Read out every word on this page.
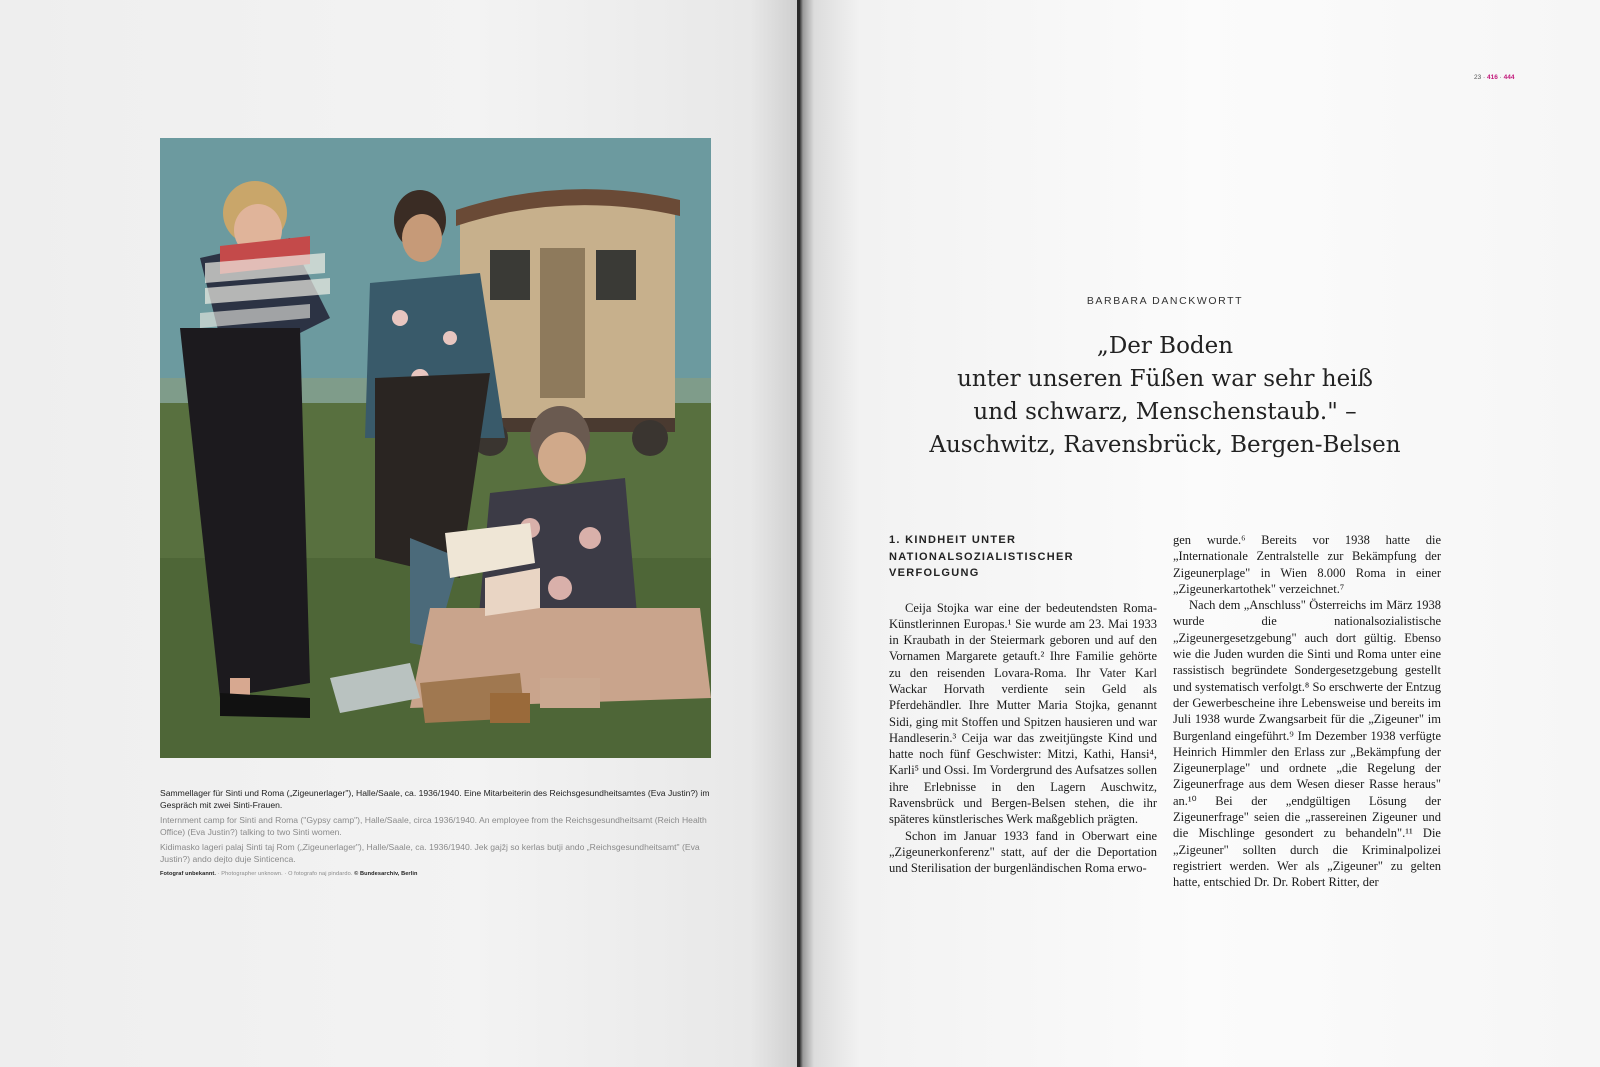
Sammellager für Sinti und Roma („Zigeunerlager"), Halle/Saale, ca. 1936/1940. Eine Mitarbeiterin des Reichsgesundheitsamtes (Eva Justin?) im Gespräch mit zwei Sinti-Frauen.

Internment camp for Sinti and Roma ("Gypsy camp"), Halle/Saale, circa 1936/1940. An employee from the Reichsgesundheitsamt (Reich Health Office) (Eva Justin?) talking to two Sinti women.

Kidimasko lageri palaj Sinti taj Rom („Zigeunerlager"), Halle/Saale, ca. 1936/1940. Jek gajžj so kerlas butji ando „Reichsgesundheitsamt" (Eva Justin?) ando dejto duje Sinticenca.

Fotograf unbekannt. · Photographer unknown. · O fotografo naj pindardo. © Bundesarchiv, Berlin

23 · 416 · 444
BARBARA DANCKWORTT
„Der Boden
unter unseren Füßen war sehr heiß
und schwarz, Menschenstaub." –
Auschwitz, Ravensbrück, Bergen-Belsen
1. KINDHEIT UNTER NATIONALSOZIALISTISCHER VERFOLGUNG

Ceija Stojka war eine der bedeutendsten Roma-Künstlerinnen Europas.¹ Sie wurde am 23. Mai 1933 in Kraubath in der Steiermark geboren und auf den Vornamen Margarete getauft.² Ihre Familie gehörte zu den reisenden Lovara-Roma. Ihr Vater Karl Wackar Horvath verdiente sein Geld als Pferdehändler. Ihre Mutter Maria Stojka, genannt Sidi, ging mit Stoffen und Spitzen hausieren und war Handleserin.³ Ceija war das zweitjüngste Kind und hatte noch fünf Geschwister: Mitzi, Kathi, Hansi⁴, Karli⁵ und Ossi. Im Vordergrund des Aufsatzes sollen ihre Erlebnisse in den Lagern Auschwitz, Ravensbrück und Bergen-Belsen stehen, die ihr späteres künstlerisches Werk maßgeblich prägten.

Schon im Januar 1933 fand in Oberwart eine „Zigeunerkonferenz" statt, auf der die Deportation und Sterilisation der burgenländischen Roma erwo-

gen wurde.⁶ Bereits vor 1938 hatte die „Internationale Zentralstelle zur Bekämpfung der Zigeunerplage" in Wien 8.000 Roma in einer „Zigeunerkartothek" verzeichnet.⁷

Nach dem „Anschluss" Österreichs im März 1938 wurde die nationalsozialistische „Zigeunergesetzgebung" auch dort gültig. Ebenso wie die Juden wurden die Sinti und Roma unter eine rassistisch begründete Sondergesetzgebung gestellt und systematisch verfolgt.⁸ So erschwerte der Entzug der Gewerbescheine ihre Lebensweise und bereits im Juli 1938 wurde Zwangsarbeit für die „Zigeuner" im Burgenland eingeführt.⁹ Im Dezember 1938 verfügte Heinrich Himmler den Erlass zur „Bekämpfung der Zigeunerplage" und ordnete „die Regelung der Zigeunerfrage aus dem Wesen dieser Rasse heraus" an.¹⁰ Bei der „endgültigen Lösung der Zigeunerfrage" seien die „rassereinen Zigeuner und die Mischlinge gesondert zu behandeln".¹¹ Die „Zigeuner" sollten durch die Kriminalpolizei registriert werden. Wer als „Zigeuner" zu gelten hatte, entschied Dr. Dr. Robert Ritter, der
